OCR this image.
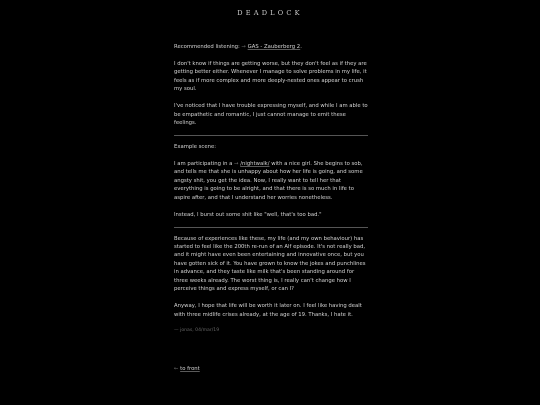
DEADLOCK

Recommended listening: → GAS - Zauberberg 2.

I don't know if things are getting worse, but they don't feel as if they are getting better either. Whenever I manage to solve problems in my life, it feels as if more complex and more deeply-nested ones appear to crush my soul.

I've noticed that I have trouble expressing myself, and while I am able to be empathetic and romantic, I just cannot manage to emit these feelings.

Example scene:

I am participating in a → /nightwalk/ with a nice girl. She begins to sob, and tells me that she is unhappy about how her life is going, and some angsty shit, you get the idea. Now, I really want to tell her that everything is going to be alright, and that there is so much in life to aspire after, and that I understand her worries nonetheless.

Instead, I burst out some shit like "well, that's too bad."

Because of experiences like these, my life (and my own behaviour) has started to feel like the 200th re-run of an Alf episode. It's not really bad, and it might have even been entertaining and innovative once, but you have gotten sick of it. You have grown to know the jokes and punchlines in advance, and they taste like milk that's been standing around for three weeks already. The worst thing is, I really can't change how I perceive things and express myself, or can I?

Anyway, I hope that life will be worth it later on. I feel like having dealt with three midlife crises already, at the age of 19. Thanks, I hate it.

— jonas, 04/mar/19
← to front
